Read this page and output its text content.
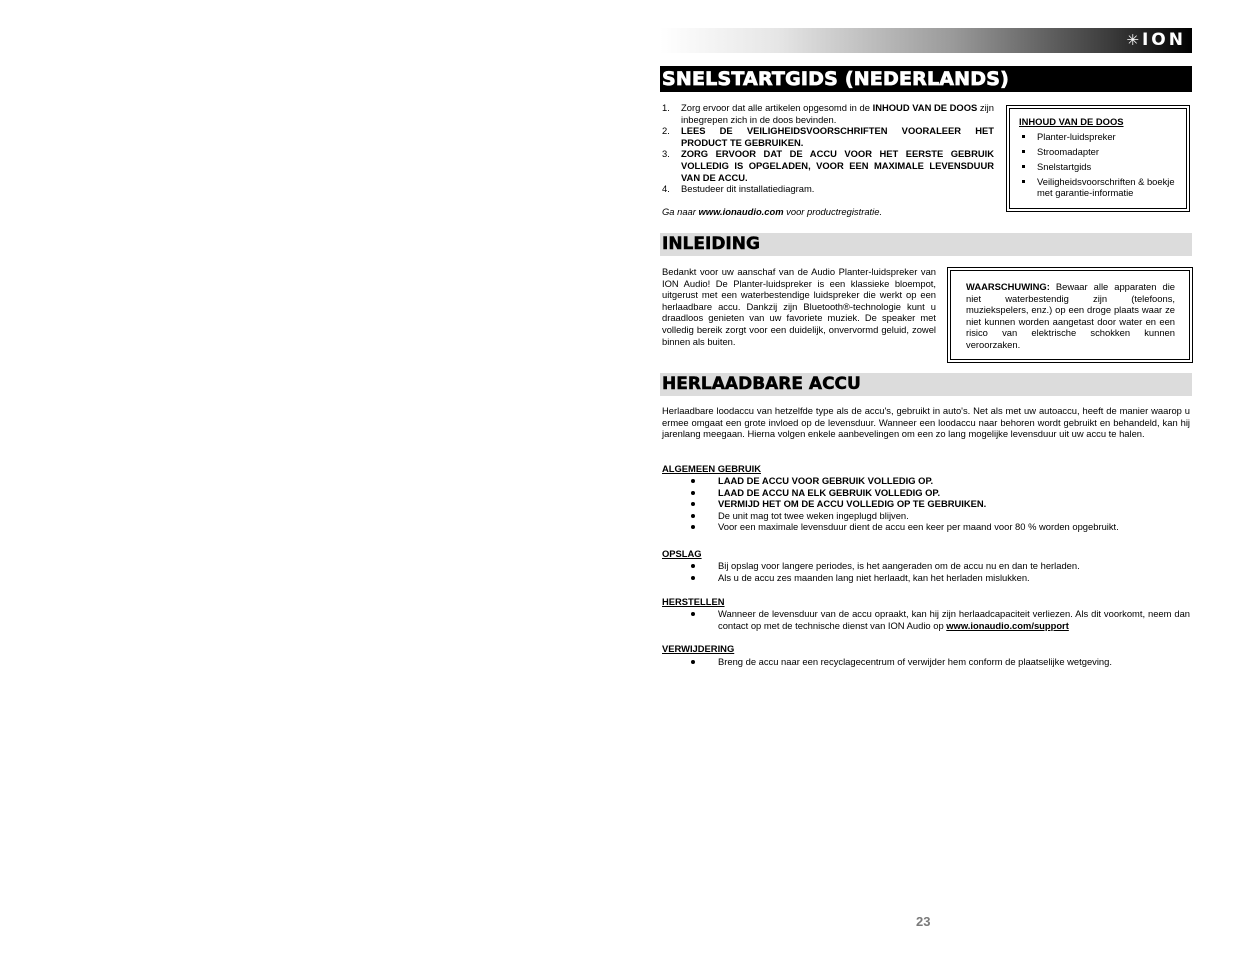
✳ ION
SNELSTARTGIDS (NEDERLANDS)
1. Zorg ervoor dat alle artikelen opgesomd in de INHOUD VAN DE DOOS zijn inbegrepen zich in de doos bevinden.
2. LEES DE VEILIGHEIDSVOORSCHRIFTEN VOORALEER HET PRODUCT TE GEBRUIKEN.
3. ZORG ERVOOR DAT DE ACCU VOOR HET EERSTE GEBRUIK VOLLEDIG IS OPGELADEN, VOOR EEN MAXIMALE LEVENSDUUR VAN DE ACCU.
4. Bestudeer dit installatiediagram.
Ga naar www.ionaudio.com voor productregistratie.
INHOUD VAN DE DOOS
Planter-luidspreker
Stroomadapter
Snelstartgids
Veiligheidsvoorschriften & boekje met garantie-informatie
INLEIDING
Bedankt voor uw aanschaf van de Audio Planter-luidspreker van ION Audio! De Planter-luidspreker is een klassieke bloempot, uitgerust met een waterbestendige luidspreker die werkt op een herlaadbare accu. Dankzij zijn Bluetooth®-technologie kunt u draadloos genieten van uw favoriete muziek. De speaker met volledig bereik zorgt voor een duidelijk, onvervormd geluid, zowel binnen als buiten.
WAARSCHUWING: Bewaar alle apparaten die niet waterbestendig zijn (telefoons, muziekspelers, enz.) op een droge plaats waar ze niet kunnen worden aangetast door water en een risico van elektrische schokken kunnen veroorzaken.
HERLAADBARE ACCU
Herlaadbare loodaccu van hetzelfde type als de accu's, gebruikt in auto's. Net als met uw autoaccu, heeft de manier waarop u ermee omgaat een grote invloed op de levensduur. Wanneer een loodaccu naar behoren wordt gebruikt en behandeld, kan hij jarenlang meegaan. Hierna volgen enkele aanbevelingen om een zo lang mogelijke levensduur uit uw accu te halen.
ALGEMEEN GEBRUIK
LAAD DE ACCU VOOR GEBRUIK VOLLEDIG OP.
LAAD DE ACCU NA ELK GEBRUIK VOLLEDIG OP.
VERMIJD HET OM DE ACCU VOLLEDIG OP TE GEBRUIKEN.
De unit mag tot twee weken ingeplugd blijven.
Voor een maximale levensduur dient de accu een keer per maand voor 80 % worden opgebruikt.
OPSLAG
Bij opslag voor langere periodes, is het aangeraden om de accu nu en dan te herladen.
Als u de accu zes maanden lang niet herlaadt, kan het herladen mislukken.
HERSTELLEN
Wanneer de levensduur van de accu opraakt, kan hij zijn herlaadcapaciteit verliezen. Als dit voorkomt, neem dan contact op met de technische dienst van ION Audio op www.ionaudio.com/support
VERWIJDERING
Breng de accu naar een recyclagecentrum of verwijder hem conform de plaatselijke wetgeving.
23
